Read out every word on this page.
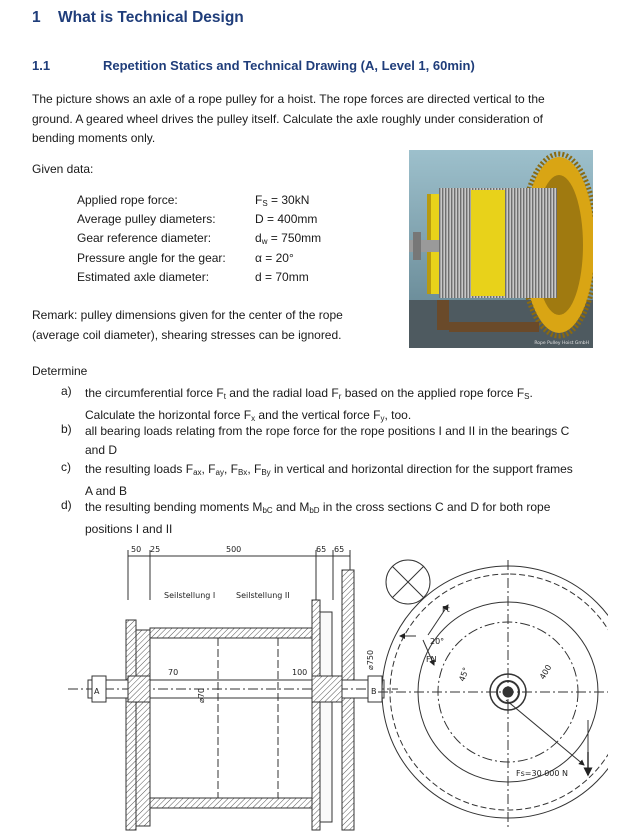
1 What is Technical Design
1.1	Repetition Statics and Technical Drawing (A, Level 1, 60min)
The picture shows an axle of a rope pulley for a hoist. The rope forces are directed vertical to the
ground. A geared wheel drives the pulley itself. Calculate the axle roughly under consideration of
bending moments only.
Given data:
Applied rope force:	$F_S = 30kN$
Average pulley diameters:	D = 400mm
Gear reference diameter:	$d_w = 750mm$
Pressure angle for the gear: α = 20°
Estimated axle diameter:	d = 70mm
Rope Pulley Hoist GmbH
Remark: pulley dimensions given for the center of the rope
(average coil diameter), shearing stresses can be ignored.
Determine
a) the circumferential force $F_t$ and the radial load $F_r$ based on the applied rope force $F_S$.
Calculate the horizontal force $F_x$ and the vertical force $F_y$, too.
b) all bearing loads relating from the rope force for the rope positions I and II in the bearings C
and D
c) the resulting loads $F_{ax}$, $F_{ay}$, $F_{Bx}$, $F_{By}$ in vertical and horizontal direction for the support frames
A and B
d) the resulting bending moments $M_{bC}$ and $M_{bD}$ in the cross sections C and D for both rope
positions I and II
50 25	500	65 65
Seilstellung I	Seilstellung II
70
⌀70
100
⌀750
A	B
Ft
FN
20°
45°	400
Fs=30 000 N
